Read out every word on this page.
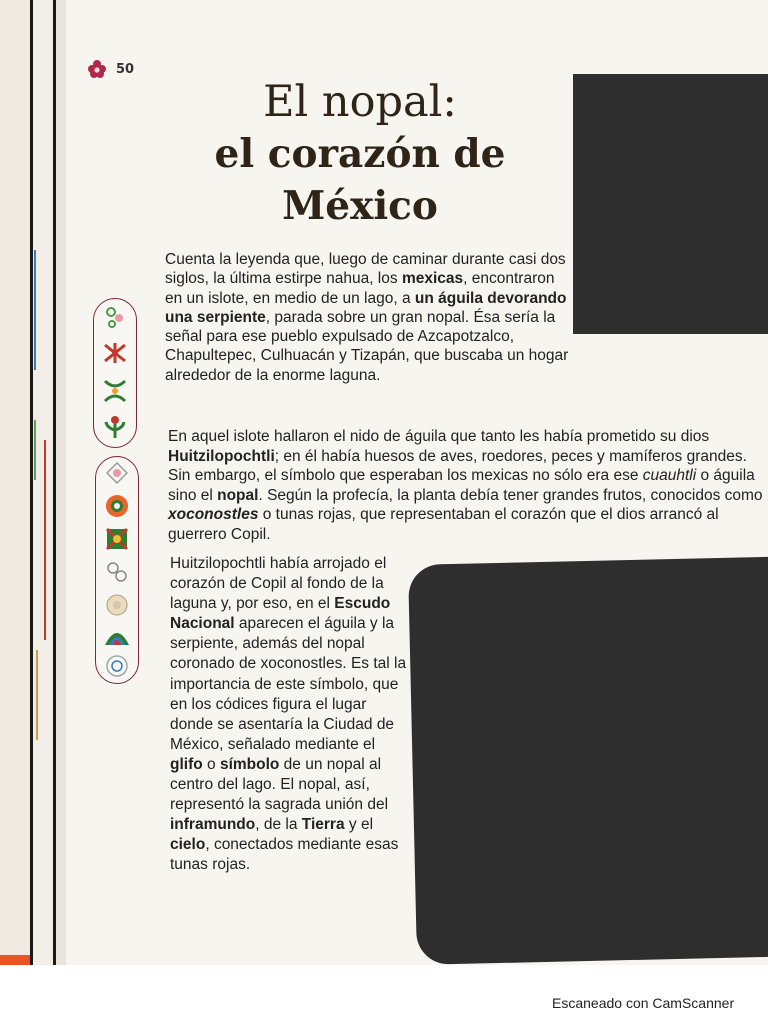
50
El nopal:
el corazón de
México

Cuenta la leyenda que, luego de caminar durante casi dos siglos, la última estirpe nahua, los mexicas, encontraron en un islote, en medio de un lago, a un águila devorando una serpiente, parada sobre un gran nopal. Ésa sería la señal para ese pueblo expulsado de Azcapotzalco, Chapultepec, Culhuacán y Tizapán, que buscaba un hogar alrededor de la enorme laguna.

En aquel islote hallaron el nido de águila que tanto les había prometido su dios Huitzilopochtli; en él había huesos de aves, roedores, peces y mamíferos grandes. Sin embargo, el símbolo que esperaban los mexicas no sólo era ese cuauhtli o águila sino el nopal. Según la profecía, la planta debía tener grandes frutos, conocidos como xoconostles o tunas rojas, que representaban el corazón que el dios arrancó al guerrero Copil.

Huitzilopochtli había arrojado el corazón de Copil al fondo de la laguna y, por eso, en el Escudo Nacional aparecen el águila y la serpiente, además del nopal coronado de xoconostles. Es tal la importancia de este símbolo, que en los códices figura el lugar donde se asentaría la Ciudad de México, señalado mediante el glifo o símbolo de un nopal al centro del lago. El nopal, así, representó la sagrada unión del inframundo, de la Tierra y el cielo, conectados mediante esas tunas rojas.

Escaneado con CamScanner
